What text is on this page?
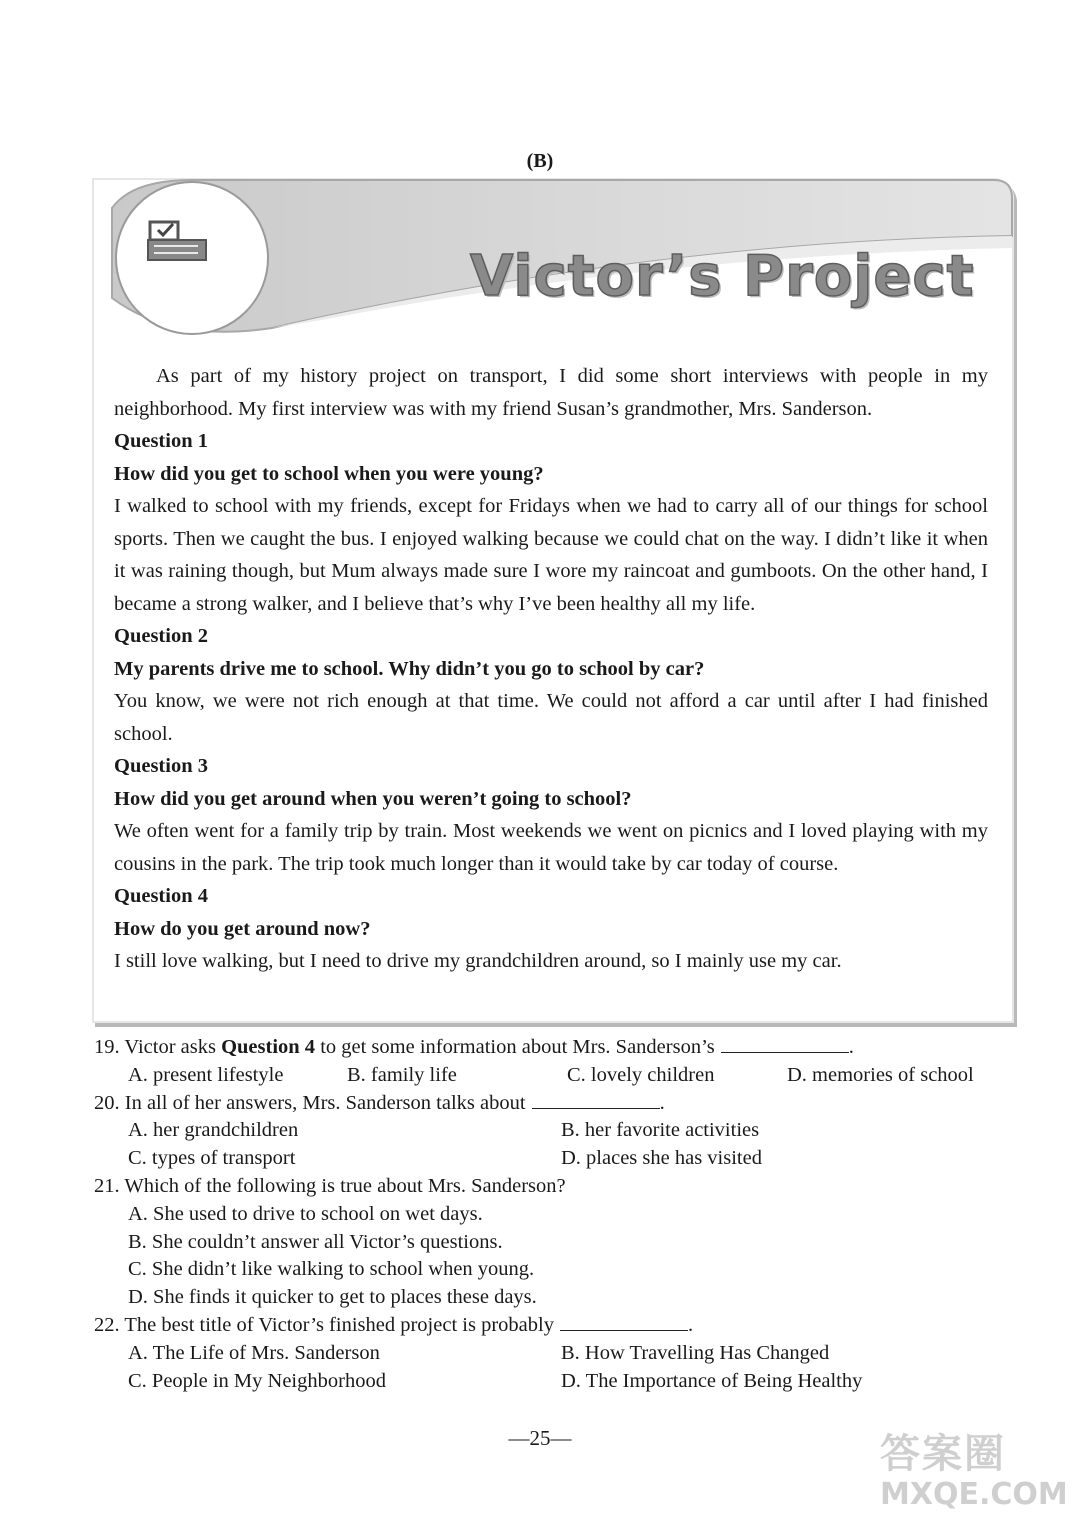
(B)
Victor’s Project

As part of my history project on transport, I did some short interviews with people in my neighborhood. My first interview was with my friend Susan’s grandmother, Mrs. Sanderson.

Question 1

How did you get to school when you were young?

I walked to school with my friends, except for Fridays when we had to carry all of our things for school sports. Then we caught the bus. I enjoyed walking because we could chat on the way. I didn’t like it when it was raining though, but Mum always made sure I wore my raincoat and gumboots. On the other hand, I became a strong walker, and I believe that’s why I’ve been healthy all my life.

Question 2

My parents drive me to school. Why didn’t you go to school by car?

You know, we were not rich enough at that time. We could not afford a car until after I had finished school.

Question 3

How did you get around when you weren’t going to school?

We often went for a family trip by train. Most weekends we went on picnics and I loved playing with my cousins in the park. The trip took much longer than it would take by car today of course.

Question 4

How do you get around now?

I still love walking, but I need to drive my grandchildren around, so I mainly use my car.

19. Victor asks Question 4 to get some information about Mrs. Sanderson’s	.
A. present lifestyle	B. family life	C. lovely children	D. memories of school
20. In all of her answers, Mrs. Sanderson talks about	.
A. her grandchildren	B. her favorite activities
C. types of transport	D. places she has visited
21. Which of the following is true about Mrs. Sanderson?
A. She used to drive to school on wet days.
B. She couldn’t answer all Victor’s questions.
C. She didn’t like walking to school when young.
D. She finds it quicker to get to places these days.
22. The best title of Victor’s finished project is probably	.
A. The Life of Mrs. Sanderson	B. How Travelling Has Changed
C. People in My Neighborhood	D. The Importance of Being Healthy
—25—	答案圈
MXQE.COM
